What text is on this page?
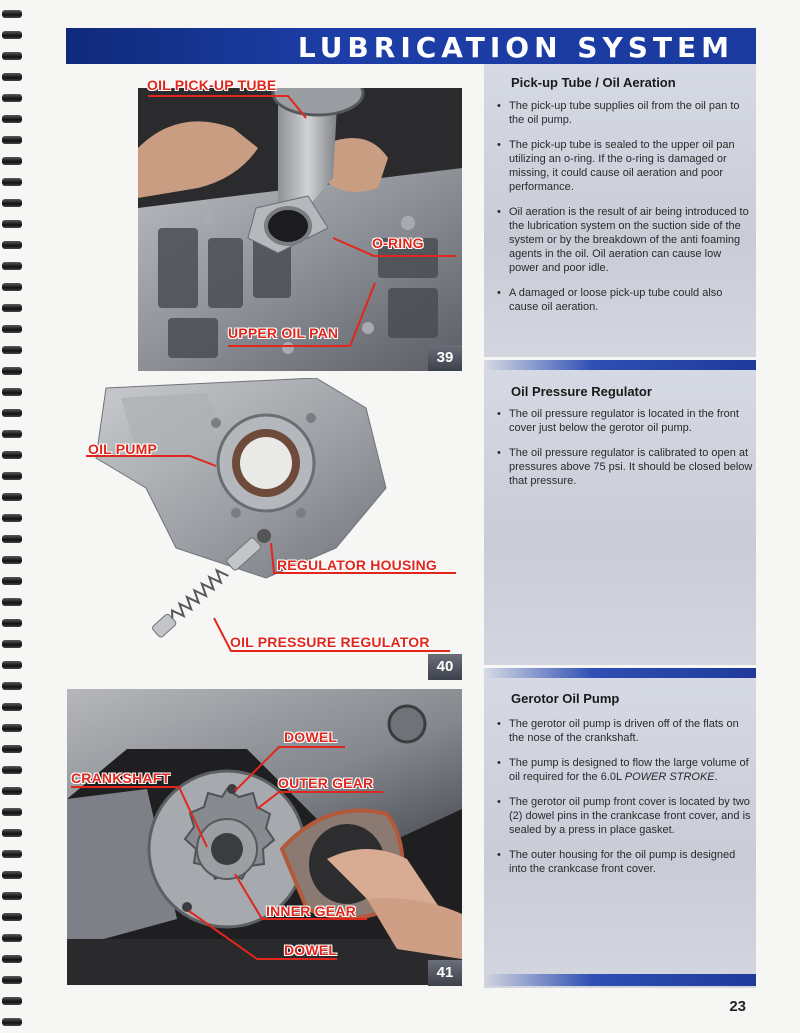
LUBRICATION SYSTEM
39
OIL PICK-UP TUBE
O-RING
UPPER OIL PAN
40
OIL PUMP
REGULATOR HOUSING
OIL PRESSURE REGULATOR
41
DOWEL
CRANKSHAFT	OUTER GEAR
INNER GEAR
DOWEL
Pick-up Tube / Oil Aeration
• The pick-up tube supplies oil from the oil pan to the oil pump.
• The pick-up tube is sealed to the upper oil pan utilizing an o-ring. If the o-ring is damaged or missing, it could cause oil aeration and poor performance.
• Oil aeration is the result of air being introduced to the lubrication system on the suction side of the system or by the breakdown of the anti foaming agents in the oil. Oil aeration can cause low power and poor idle.
• A damaged or loose pick-up tube could also cause oil aeration.
Oil Pressure Regulator
• The oil pressure regulator is located in the front cover just below the gerotor oil pump.
• The oil pressure regulator is calibrated to open at pressures above 75 psi. It should be closed below that pressure.
Gerotor Oil Pump
• The gerotor oil pump is driven off of the flats on the nose of the crankshaft.
• The pump is designed to flow the large volume of oil required for the 6.0L POWER STROKE.
• The gerotor oil pump front cover is located by two (2) dowel pins in the crankcase front cover, and is sealed by a press in place gasket.
• The outer housing for the oil pump is designed into the crankcase front cover.
23
